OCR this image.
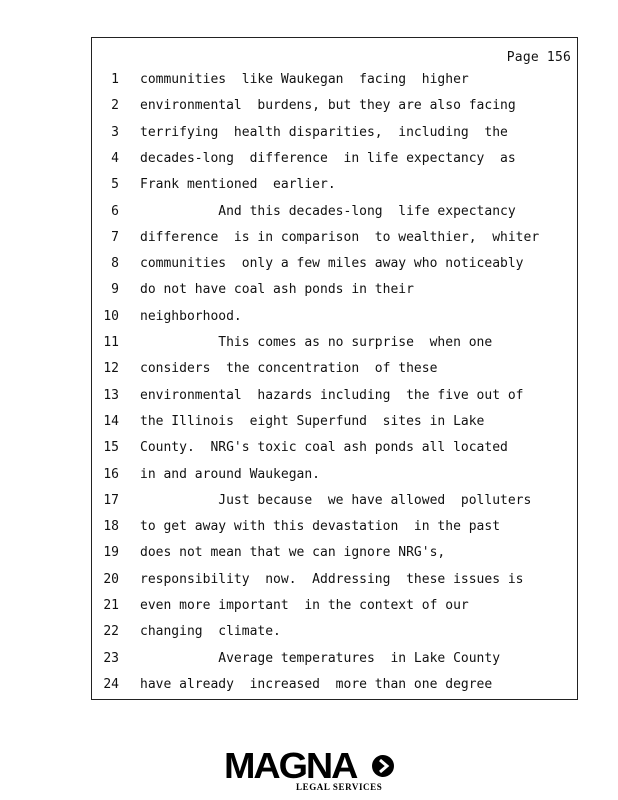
Page 156
1 communities  like Waukegan  facing  higher
2 environmental  burdens, but they are also facing
3 terrifying  health disparities,  including  the
4 decades-long  difference  in life expectancy  as
5 Frank mentioned  earlier.
6 And this decades-long  life expectancy
7 difference  is in comparison  to wealthier,  whiter
8 communities  only a few miles away who noticeably
9 do not have coal ash ponds in their
10 neighborhood.
11 This comes as no surprise  when one
12 considers  the concentration  of these
13 environmental  hazards including  the five out of
14 the Illinois  eight Superfund  sites in Lake
15 County.  NRG's toxic coal ash ponds all located
16 in and around Waukegan.
17 Just because  we have allowed  polluters
18 to get away with this devastation  in the past
19 does not mean that we can ignore NRG's,
20 responsibility  now.  Addressing  these issues is
21 even more important  in the context of our
22 changing  climate.
23 Average temperatures  in Lake County
24 have already  increased  more than one degree
MAGNA
LEGAL SERVICES
